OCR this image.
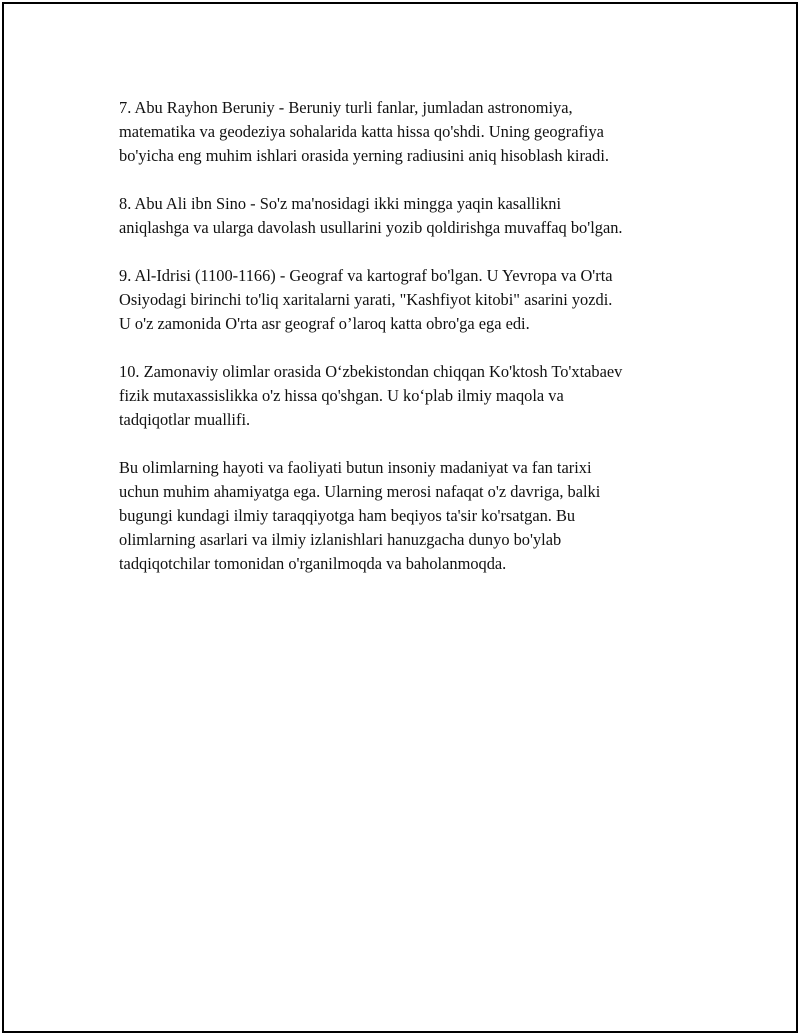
7. Abu Rayhon Beruniy - Beruniy turli fanlar, jumladan astronomiya,
matematika va geodeziya sohalarida katta hissa qo'shdi. Uning geografiya
bo'yicha eng muhim ishlari orasida yerning radiusini aniq hisoblash kiradi.

8. Abu Ali ibn Sino - So'z ma'nosidagi ikki mingga yaqin kasallikni
aniqlashga va ularga davolash usullarini yozib qoldirishga muvaffaq bo'lgan.

9. Al-Idrisi (1100-1166) - Geograf va kartograf bo'lgan. U Yevropa va O'rta
Osiyodagi birinchi to'liq xaritalarni yarati, "Kashfiyot kitobi" asarini yozdi.
U o'z zamonida O'rta asr geograf o’laroq katta obro'ga ega edi.

10. Zamonaviy olimlar orasida O‘zbekistondan chiqqan Ko'ktosh To'xtabaev
fizik mutaxassislikka o'z hissa qo'shgan. U ko‘plab ilmiy maqola va
tadqiqotlar muallifi.

Bu olimlarning hayoti va faoliyati butun insoniy madaniyat va fan tarixi
uchun muhim ahamiyatga ega. Ularning merosi nafaqat o'z davriga, balki
bugungi kundagi ilmiy taraqqiyotga ham beqiyos ta'sir ko'rsatgan. Bu
olimlarning asarlari va ilmiy izlanishlari hanuzgacha dunyo bo'ylab
tadqiqotchilar tomonidan o'rganilmoqda va baholanmoqda.
